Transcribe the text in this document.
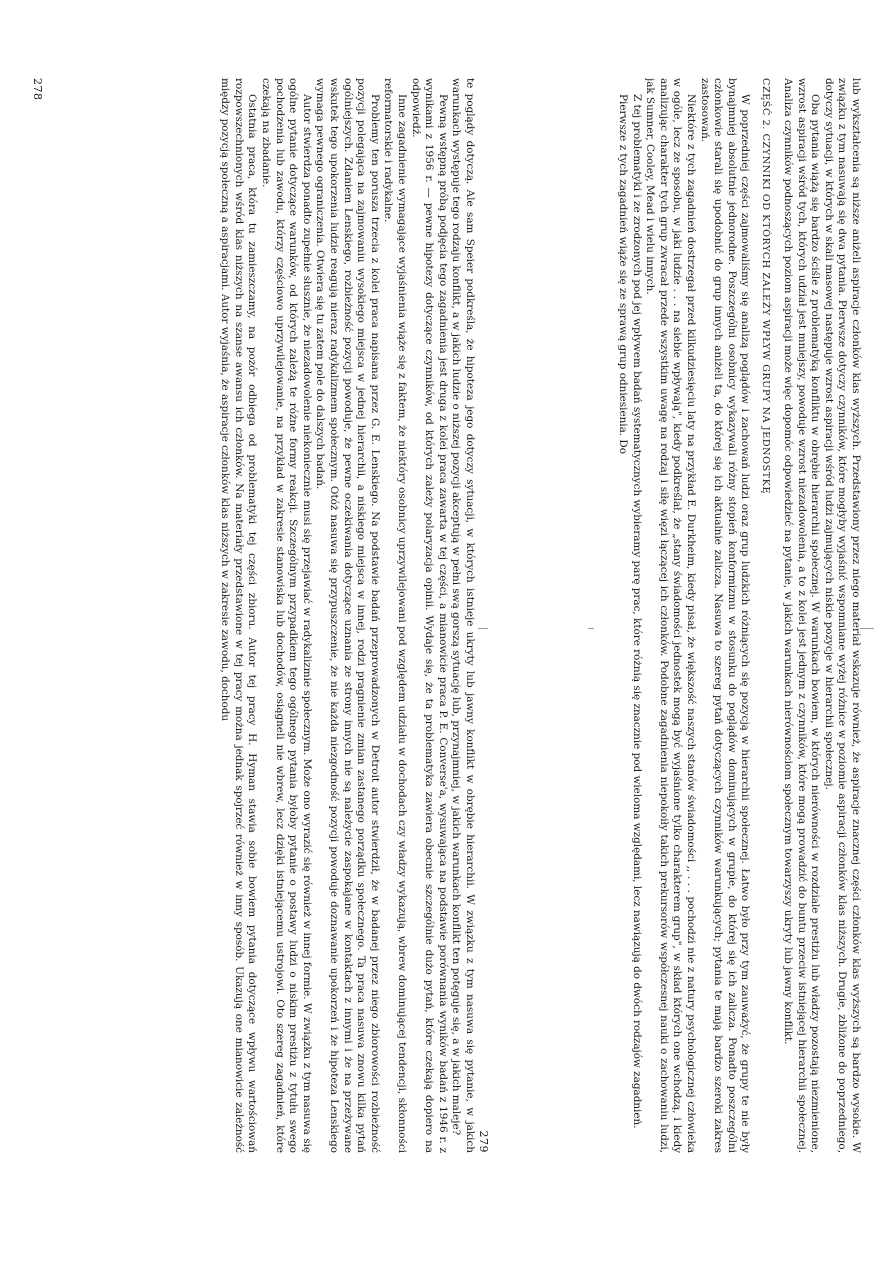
te poglądy dotyczą. Ale sam Speier podkreśla, że hipoteza jego dotyczy sytuacji, w których istnieje ukryty lub jawny konflikt w obrębie hierarchii. W związku z tym nasuwa się pytanie, w jakich warunkach występuje tego rodzaju konflikt, a w jakich ludzie o niższej pozycji akceptują w pełni swą gorszą sytuację lub, przynajmniej, w jakich warunkach konflikt ten potęguje się, a w jakich maleje?

Pewną wstępną próbą podjęcia tego zagadnienia jest druga z kolei praca zawarta w tej części, a mianowicie praca P. E. Converse'a, wysuwająca na podstawie porównania wyników badań z 1946 r. z wynikami z 1956 r. — pewne hipotezy dotyczące czynników, od których zależy polaryzacja opinii. Wydaje się, że ta problematyka zawiera obecnie szczególnie dużo pytań, które czekają dopiero na odpowiedź.

Inne zagadnienie wymagające wyjaśnienia wiąże się z faktem, że niektóry osobnicy uprzywilejowani pod względem udziału w dochodach czy władzy wykazują, wbrew dominującej tendencji, skłonności reformatorskie i radykalne.

Problemy ten porusza trzecia z kolei praca napisana przez G. E. Lenskiego. Na podstawie badań przeprowadzonych w Detroit autor stwierdził, że w badanej przez niego zbiorowości rozbieżność pozycji polegająca na zajmowaniu wysokiego miejsca w jednej hierarchii, a niskiego miejsca w innej, rodzi pragnienie zmian zastanego porządku społecznego. Ta praca nasuwa znowu kilka pytań ogólniejszych. Zdaniem Lenskiego, rozbieżność pozycji powoduje, że pewne oczekiwania dotyczące uznania ze strony innych nie są należycie zaspokajane w kontaktach z innymi i że na przeżywane wskutek tego upokorzenia ludzie reagują nieraz radykalizmem społecznym. Otóż nasuwa się przypuszczenie, że nie każda niezgodność pozycji powoduje doznawanie upokorzeń i że hipoteza Lenskiego wymaga pewnego ograniczenia. Otwiera się tu zatem pole do dalszych badań.

Autor stwierdza ponadto zupełnie słusznie, że niezadowolenie niekoniecznie musi się przejawiać w radykalizmie społecznym. Może ono wyrazić się również w innej formie. W związku z tym nasuwa się ogólne pytanie dotyczące warunków, od których zależą te różne formy reakcji. Szczególnym przypadkiem tego ogólnego pytania byłoby pytanie o postawy ludzi o niskim prestiżu z tytułu swego pochodzenia lub zawodu, którzy częściowo uprzywilejowanie, na przykład w zakresie stanowiska lub dochodów, osiągneli nie wbrew, lecz dzięki istniejącemu ustrojowi. Oto szereg zagadnień, które czekają na zbadanie.

Ostatnia praca, która tu zamieszczamy, na pozór odbiega od problematyki tej części zbioru. Autor tej pracy H. Hyman stawia sobie bowiem pytania dotyczące wpływu wartościowań rozpowszechnionych wśród klas niższych na szanse awansu ich członków. Na materiały przedstawione w tej pracy można jednak spojrzeć również w inny sposób. Ukazują one mianowicie zależność między pozycją społeczną a aspiracjami. Autor wyjaśnia, że aspiracje członków klas niższych w zakresie zawodu, dochodu

278	lub wykształcenia są niższe aniżeli aspiracje członków klas wyższych. Przedstawiony przez niego materiał wskazuje również, że aspiracje znacznej części członków klas wyższych są bardzo wysokie. W związku z tym nasuwają się dwa pytania. Pierwsze dotyczy czynników, które mogłyby wyjaśnić wspomniane wyżej różnice w poziomie aspiracji członków klas niższych. Drugie, zbliżone do poprzedniego, dotyczy sytuacji, w których w skali masowej następuje wzrost aspiracji wśród ludzi zajmujących niskie pozycje w hierarchii społecznej.

Oba pytania wiążą się bardzo ściśle z problematyką konfliktu w obrębie hierarchii społecznej. W warunkach bowiem, w których nierówności w rozdziale prestiżu lub władzy pozostają niezmienione, wzrost aspiracji wśród tych, których udział jest mniejszy, powoduje wzrost niezadowolenia, a to z kolei jest jednym z czynników, które mogą prowadzić do buntu przeciw istniejącej hierarchii społecznej. Analiza czynników podnoszących poziom aspiracji może więc dopomóc odpowiedzieć na pytanie, w jakich warunkach nierównościom społecznym towarzyszy ukryty lub jawny konflikt.

CZĘŚĆ 2. CZYNNIKI OD KTÓRYCH ZALEŻY WPŁYW GRUPY NA JEDNOSTKĘ

W poprzedniej części zajmowaliśmy się analizą poglądów i zachowań ludzi oraz grup ludzkich różniących się pozycją w hierarchii społecznej. Łatwo było przy tym zauważyć, że grupy te nie były bynajmniej absolutnie jednorodne. Poszczególni osobnicy wykazywali różny stopień konformizmu w stosunku do poglądów dominujących w grupie, do której się ich zalicza. Ponadto poszczególni członkowie starali się upodobnić do grup innych aniżeli ta, do której się ich aktualnie zalicza. Nasuwa to szereg pytań dotyczących czynników warunkujących; pytania te mają bardzo szeroki zakres zastosowań.

Niektóre z tych zagadnień dostrzegał przed kilkudziesięciu laty na przykład E. Durkheim, kiedy pisał, że większość naszych stanów świadomości ,, . . . pochodzi nie z natury psychologicznej człowieka w ogóle, lecz ze sposobu, w jaki ludzie . . . na siebie wpływają", kiedy podkreślał, że „stany świadomości jednostek mogą być wyjaśnione tylko charakterem grup", w skład których one wchodzą, i kiedy analizując charakter tych grup zwracał przede wszystkim uwagę na rodzaj i siłę więzi łączącej ich członków. Podobne zagadnienia niepokoiły takich prekursorów współczesnej nauki o zachowaniu ludzi, jak Sumner, Cooley, Mead i wielu innych.

Z tej problematyki i ze zrodzonych pod jej wpływem badań systematycznych wybieramy parę prac, które różnią się znacznie pod wieloma względami, lecz nawiązują do dwóch rodzajów zagadnień.

Pierwsze z tych zagadnień wiąże się ze sprawą grup odniesienia. Do

279
